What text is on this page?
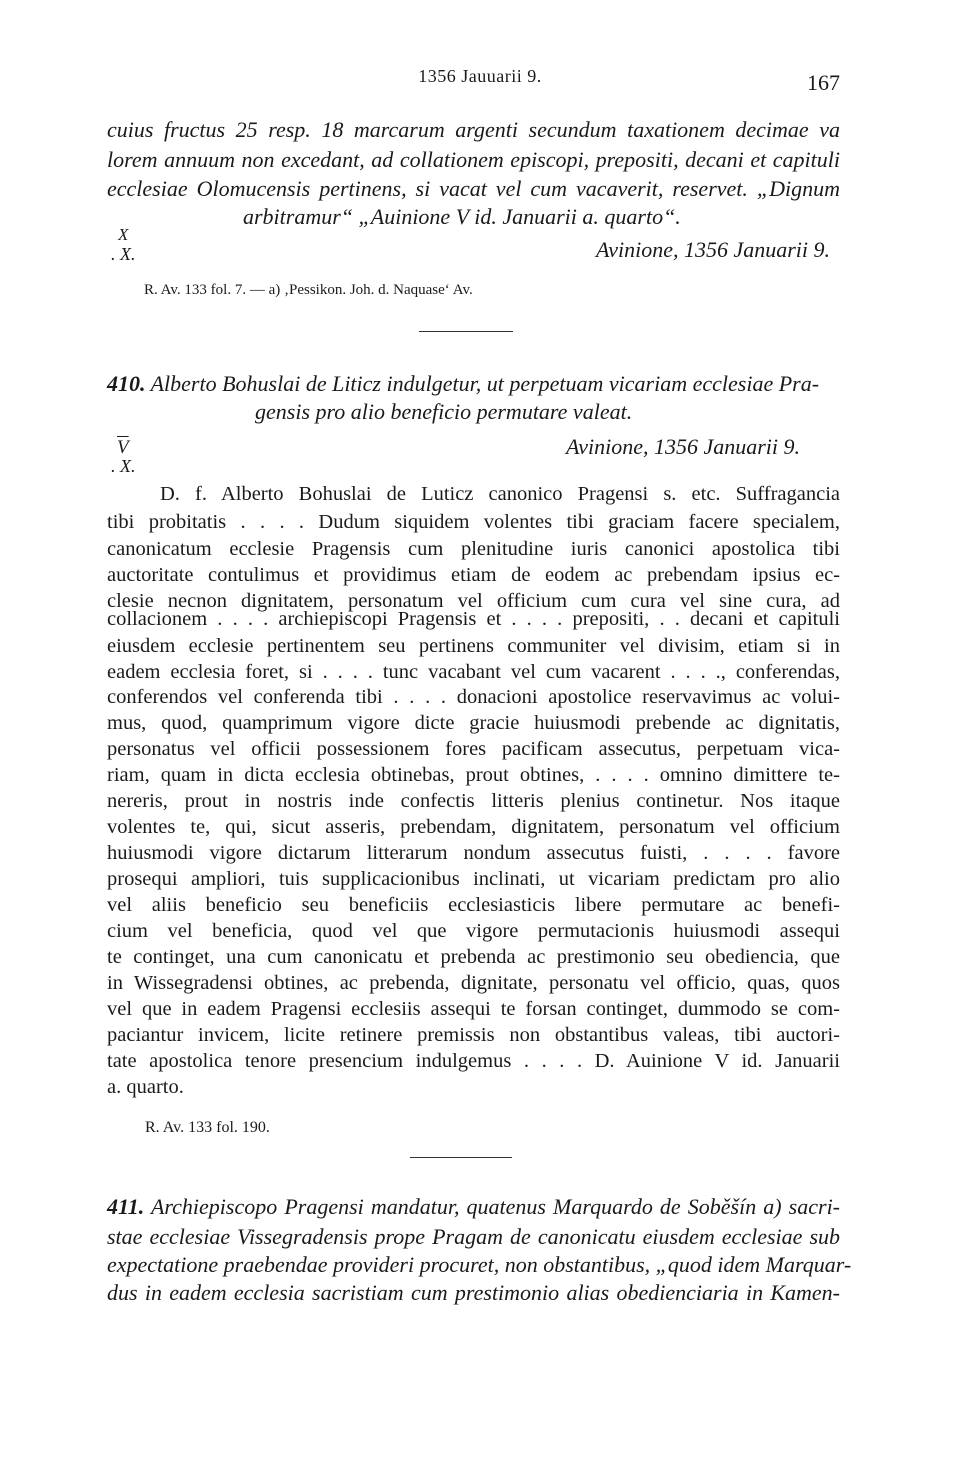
1356 Jauuarii 9.	167
cuius fructus 25 resp. 18 marcarum argenti secundum taxationem decimae va
lorem annuum non excedant, ad collationem episcopi, prepositi, decani et capituli
ecclesiae Olomucensis pertinens, si vacat vel cum vacaverit, reservet. „Dignum
arbitramur“ „Auinione V id. Januarii a. quarto“.
X
. X.	Avinione, 1356 Januarii 9.
R. Av. 133 fol. 7. — a) ‚Pessikon. Joh. d. Naquase‘ Av.
410. Alberto Bohuslai de Liticz indulgetur, ut perpetuam vicariam ecclesiae Pra-
gensis pro alio beneficio permutare valeat.
$\overline{V}$
. X.
Avinione, 1356 Januarii 9.
D. f. Alberto Bohuslai de Luticz canonico Pragensi s. etc. Suffragancia
tibi probitatis . . . . Dudum siquidem volentes tibi graciam facere specialem,
canonicatum ecclesie Pragensis cum plenitudine iuris canonici apostolica tibi
auctoritate contulimus et providimus etiam de eodem ac prebendam ipsius ec-
clesie necnon dignitatem, personatum vel officium cum cura vel sine cura, ad
collacionem . . . . archiepiscopi Pragensis et . . . . prepositi, . . decani et capituli
eiusdem ecclesie pertinentem seu pertinens communiter vel divisim, etiam si in
eadem ecclesia foret, si . . . . tunc vacabant vel cum vacarent . . . ., conferendas,
conferendos vel conferenda tibi . . . . donacioni apostolice reservavimus ac volui-
mus, quod, quamprimum vigore dicte gracie huiusmodi prebende ac dignitatis,
personatus vel officii possessionem fores pacificam assecutus, perpetuam vica-
riam, quam in dicta ecclesia obtinebas, prout obtines, . . . . omnino dimittere te-
nereris, prout in nostris inde confectis litteris plenius continetur. Nos itaque
volentes te, qui, sicut asseris, prebendam, dignitatem, personatum vel officium
huiusmodi vigore dictarum litterarum nondum assecutus fuisti, . . . . favore
prosequi ampliori, tuis supplicacionibus inclinati, ut vicariam predictam pro alio
vel aliis beneficio seu beneficiis ecclesiasticis libere permutare ac benefi-
cium vel beneficia, quod vel que vigore permutacionis huiusmodi assequi
te continget, una cum canonicatu et prebenda ac prestimonio seu obediencia, que
in Wissegradensi obtines, ac prebenda, dignitate, personatu vel officio, quas, quos
vel que in eadem Pragensi ecclesiis assequi te forsan continget, dummodo se com-
paciantur invicem, licite retinere premissis non obstantibus valeas, tibi auctori-
tate apostolica tenore presencium indulgemus . . . . D. Auinione V id. Januarii
a. quarto.
R. Av. 133 fol. 190.
411. Archiepiscopo Pragensi mandatur, quatenus Marquardo de Soběšín a) sacri-
stae ecclesiae Vissegradensis prope Pragam de canonicatu eiusdem ecclesiae sub
expectatione praebendae provideri procuret, non obstantibus, „quod idem Marquar-
dus in eadem ecclesia sacristiam cum prestimonio alias obedienciaria in Kamen-
